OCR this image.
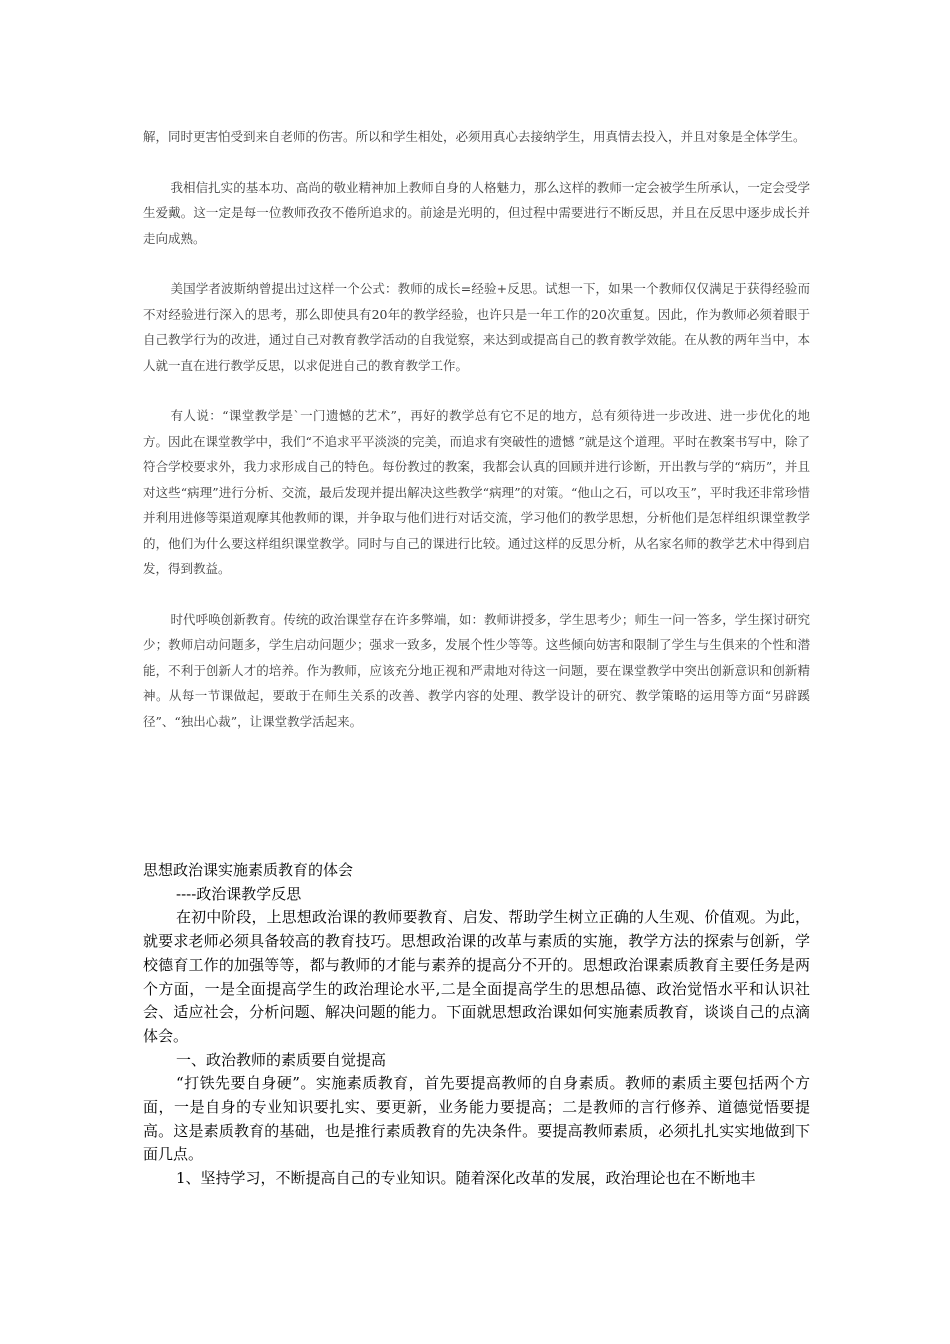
解，同时更害怕受到来自老师的伤害。所以和学生相处，必须用真心去接纳学生，用真情去投入，并且对象是全体学生。

我相信扎实的基本功、高尚的敬业精神加上教师自身的人格魅力，那么这样的教师一定会被学生所承认，一定会受学生爱戴。这一定是每一位教师孜孜不倦所追求的。前途是光明的，但过程中需要进行不断反思，并且在反思中逐步成长并走向成熟。

美国学者波斯纳曾提出过这样一个公式：教师的成长=经验+反思。试想一下，如果一个教师仅仅满足于获得经验而不对经验进行深入的思考，那么即使具有20年的教学经验，也许只是一年工作的20次重复。因此，作为教师必须着眼于自己教学行为的改进，通过自己对教育教学活动的自我觉察，来达到或提高自己的教育教学效能。在从教的两年当中，本人就一直在进行教学反思，以求促进自己的教育教学工作。

有人说：“课堂教学是`一门遗憾的艺术”，再好的教学总有它不足的地方，总有须待进一步改进、进一步优化的地方。因此在课堂教学中，我们“不追求平平淡淡的完美，而追求有突破性的遗憾 ”就是这个道理。平时在教案书写中，除了符合学校要求外，我力求形成自己的特色。每份教过的教案，我都会认真的回顾并进行诊断，开出教与学的“病历”，并且对这些“病理”进行分析、交流，最后发现并提出解决这些教学“病理”的对策。“他山之石，可以攻玉”，平时我还非常珍惜并利用进修等渠道观摩其他教师的课，并争取与他们进行对话交流，学习他们的教学思想，分析他们是怎样组织课堂教学的，他们为什么要这样组织课堂教学。同时与自己的课进行比较。通过这样的反思分析，从名家名师的教学艺术中得到启发，得到教益。

时代呼唤创新教育。传统的政治课堂存在许多弊端，如：教师讲授多，学生思考少；师生一问一答多，学生探讨研究少；教师启动问题多，学生启动问题少；强求一致多，发展个性少等等。这些倾向妨害和限制了学生与生俱来的个性和潜能，不利于创新人才的培养。作为教师，应该充分地正视和严肃地对待这一问题，要在课堂教学中突出创新意识和创新精神。从每一节课做起，要敢于在师生关系的改善、教学内容的处理、教学设计的研究、教学策略的运用等方面“另辟蹊径”、“独出心裁”，让课堂教学活起来。

思想政治课实施素质教育的体会

----政治课教学反思

在初中阶段，上思想政治课的教师要教育、启发、帮助学生树立正确的人生观、价值观。为此，就要求老师必须具备较高的教育技巧。思想政治课的改革与素质的实施，教学方法的探索与创新，学校德育工作的加强等等，都与教师的才能与素养的提高分不开的。思想政治课素质教育主要任务是两个方面，一是全面提高学生的政治理论水平,二是全面提高学生的思想品德、政治觉悟水平和认识社会、适应社会，分析问题、解决问题的能力。下面就思想政治课如何实施素质教育，谈谈自己的点滴体会。

一、政治教师的素质要自觉提高

“打铁先要自身硬”。实施素质教育，首先要提高教师的自身素质。教师的素质主要包括两个方面，一是自身的专业知识要扎实、要更新，业务能力要提高；二是教师的言行修养、道德觉悟要提高。这是素质教育的基础，也是推行素质教育的先决条件。要提高教师素质，必须扎扎实实地做到下面几点。

1、坚持学习，不断提高自己的专业知识。随着深化改革的发展，政治理论也在不断地丰
